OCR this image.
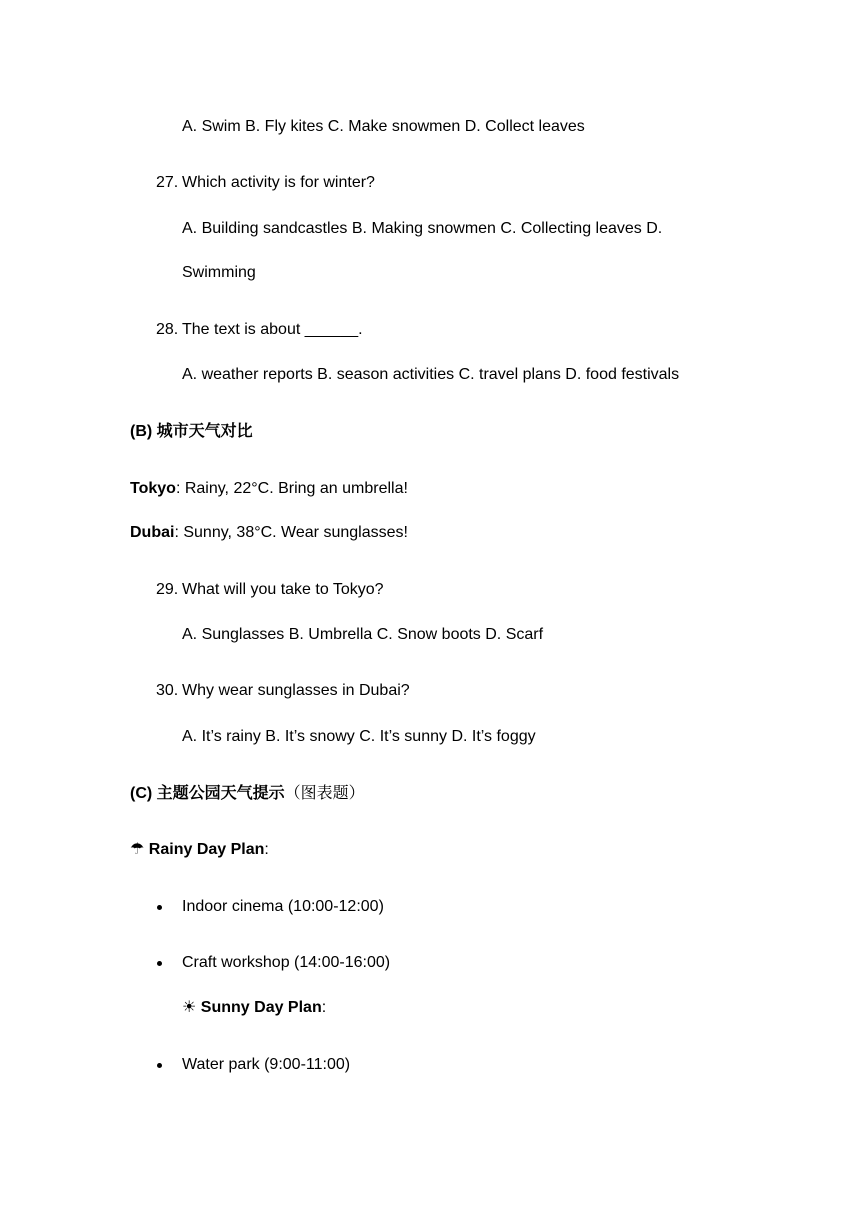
A. Swim B. Fly kites C. Make snowmen D. Collect leaves
27. Which activity is for winter?
A. Building sandcastles B. Making snowmen C. Collecting leaves D.
Swimming
28. The text is about ______.
A. weather reports B. season activities C. travel plans D. food festivals
(B) 城市天气对比
Tokyo: Rainy, 22°C. Bring an umbrella!
Dubai: Sunny, 38°C. Wear sunglasses!
29. What will you take to Tokyo?
A. Sunglasses B. Umbrella C. Snow boots D. Scarf
30. Why wear sunglasses in Dubai?
A. It’s rainy B. It’s snowy C. It’s sunny D. It’s foggy
(C) 主题公园天气提示（图表题）
☂ Rainy Day Plan:
Indoor cinema (10:00-12:00)
Craft workshop (14:00-16:00)
☀ Sunny Day Plan:
Water park (9:00-11:00)
